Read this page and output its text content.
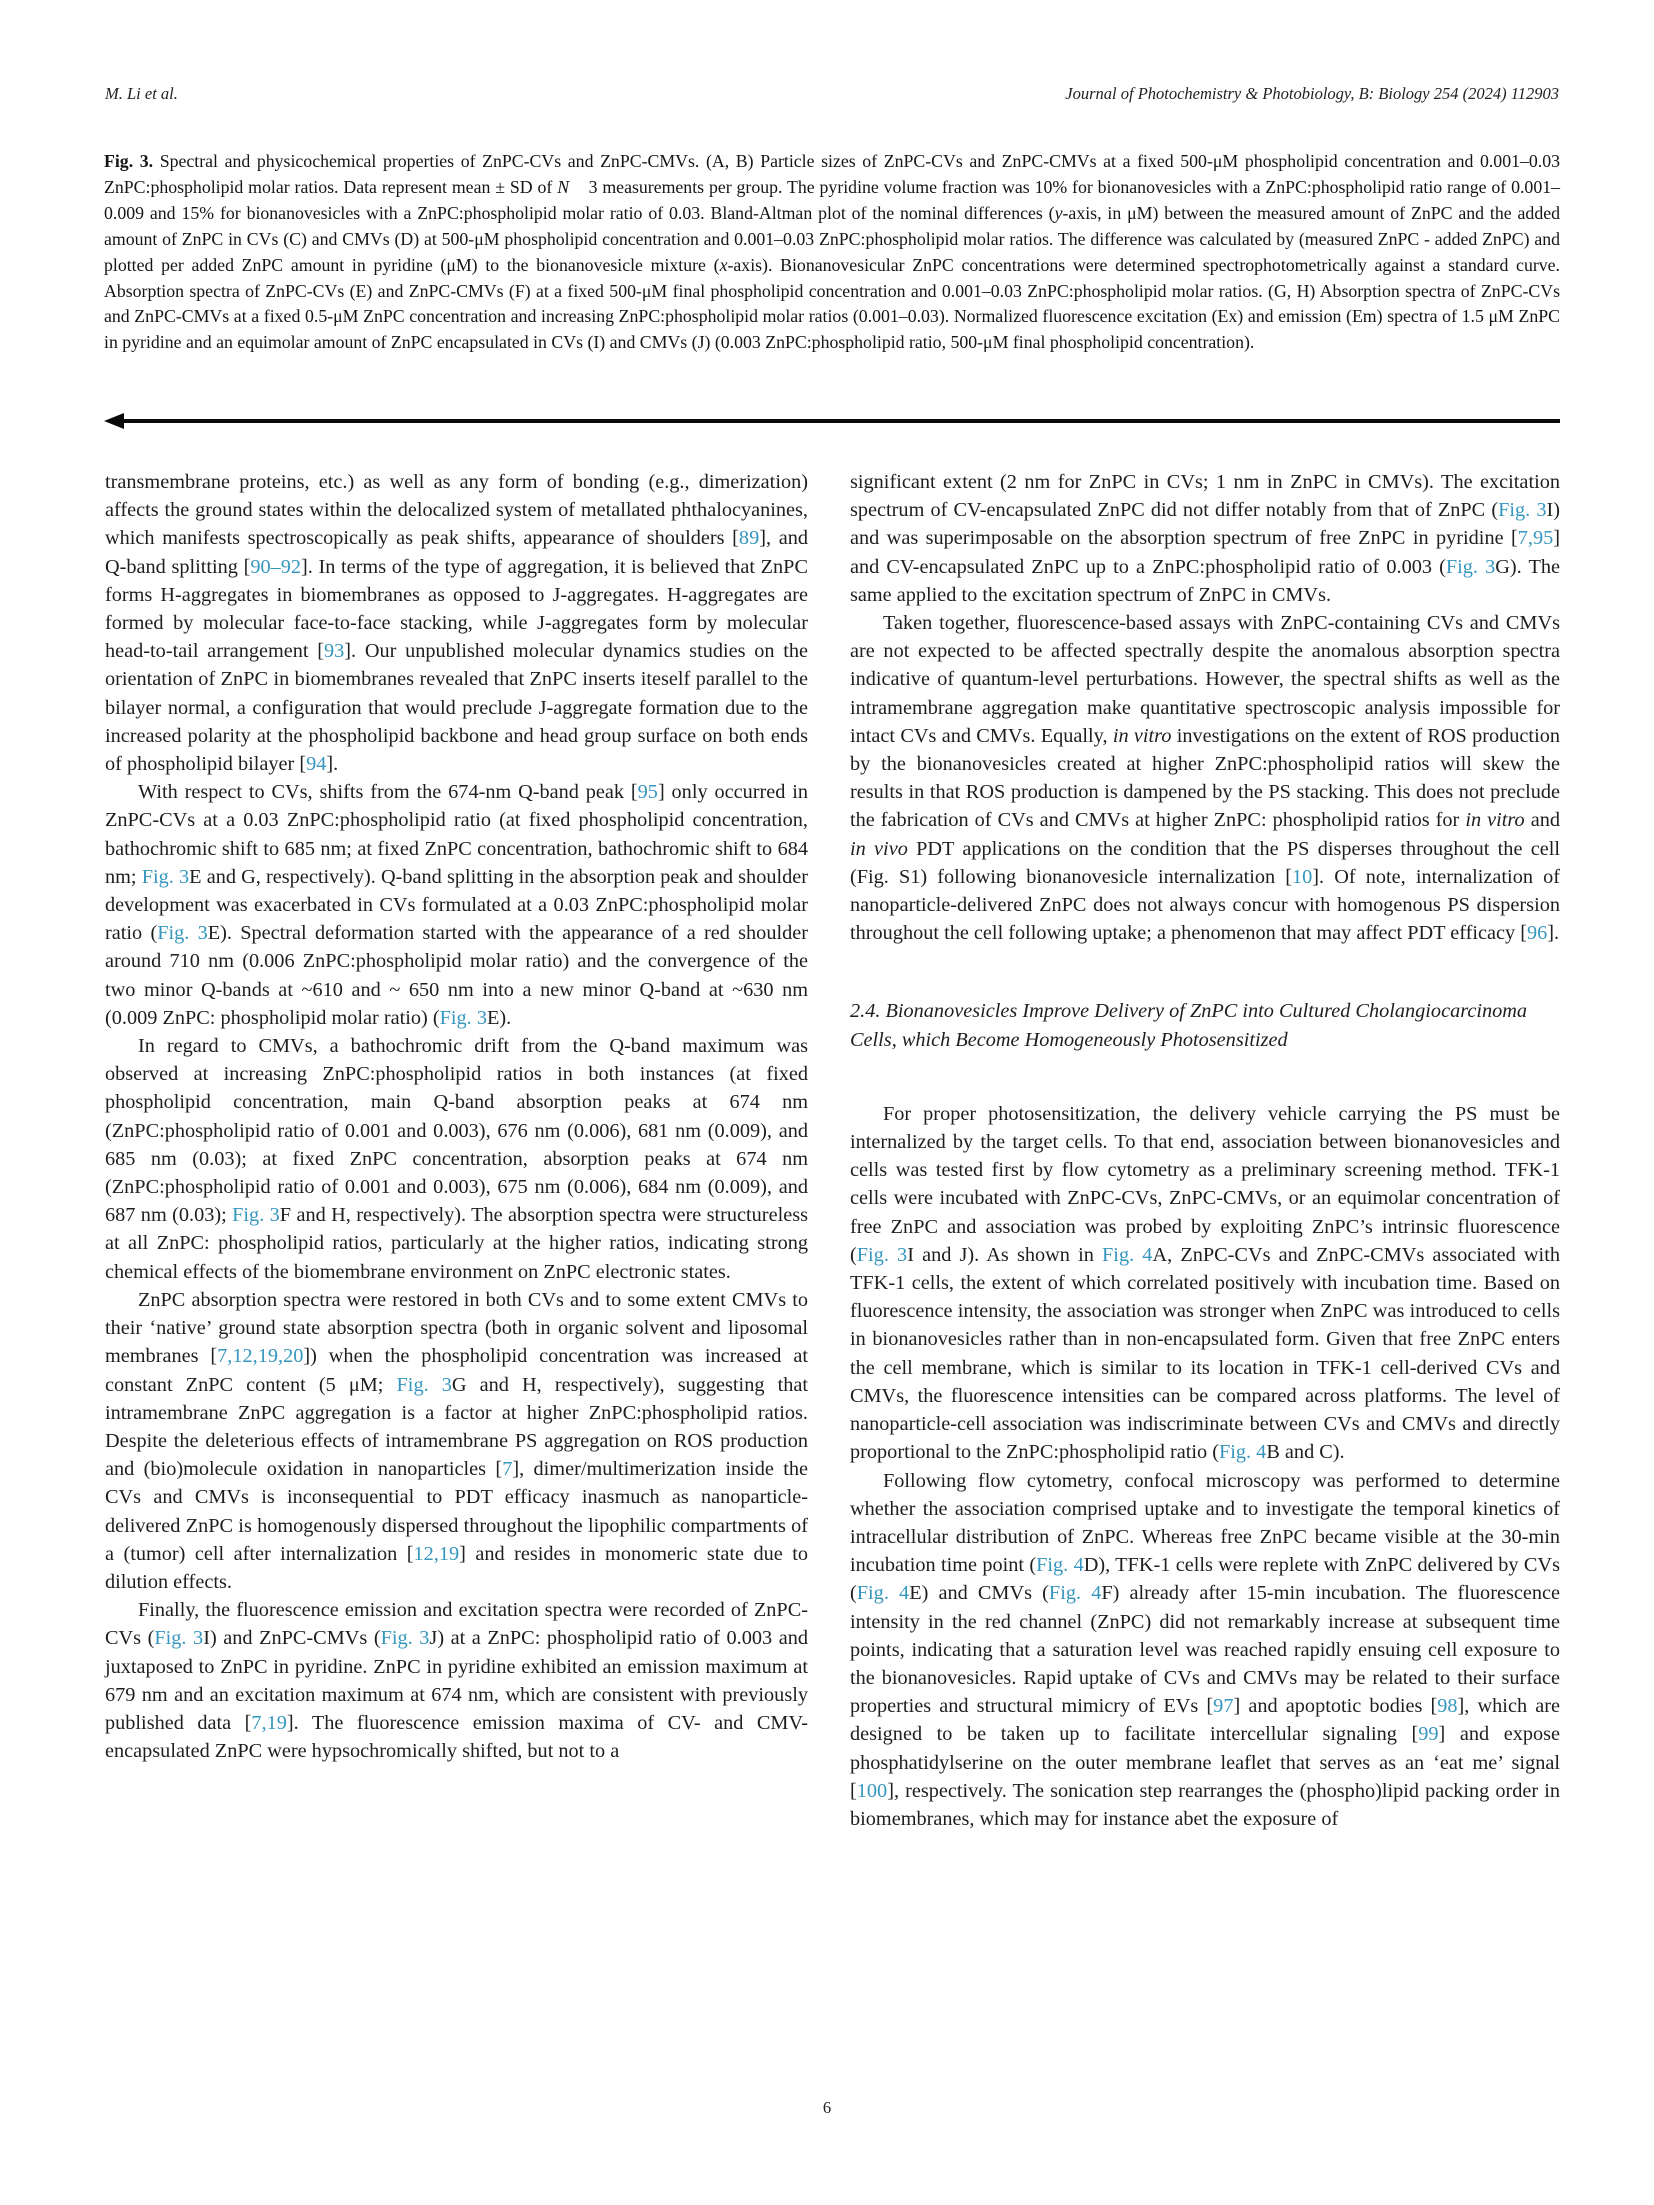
M. Li et al.	Journal of Photochemistry & Photobiology, B: Biology 254 (2024) 112903
Fig. 3. Spectral and physicochemical properties of ZnPC-CVs and ZnPC-CMVs. (A, B) Particle sizes of ZnPC-CVs and ZnPC-CMVs at a fixed 500-μM phospholipid concentration and 0.001–0.03 ZnPC:phospholipid molar ratios. Data represent mean ± SD of N    3 measurements per group. The pyridine volume fraction was 10% for bionanovesicles with a ZnPC:phospholipid ratio range of 0.001–0.009 and 15% for bionanovesicles with a ZnPC:phospholipid molar ratio of 0.03. Bland-Altman plot of the nominal differences (y-axis, in μM) between the measured amount of ZnPC and the added amount of ZnPC in CVs (C) and CMVs (D) at 500-μM phospholipid concentration and 0.001–0.03 ZnPC:phospholipid molar ratios. The difference was calculated by (measured ZnPC - added ZnPC) and plotted per added ZnPC amount in pyridine (μM) to the bionanovesicle mixture (x-axis). Bionanovesicular ZnPC concentrations were determined spectrophotometrically against a standard curve. Absorption spectra of ZnPC-CVs (E) and ZnPC-CMVs (F) at a fixed 500-μM final phospholipid concentration and 0.001–0.03 ZnPC:phospholipid molar ratios. (G, H) Absorption spectra of ZnPC-CVs and ZnPC-CMVs at a fixed 0.5-μM ZnPC concentration and increasing ZnPC:phospholipid molar ratios (0.001–0.03). Normalized fluorescence excitation (Ex) and emission (Em) spectra of 1.5 μM ZnPC in pyridine and an equimolar amount of ZnPC encapsulated in CVs (I) and CMVs (J) (0.003 ZnPC:phospholipid ratio, 500-μM final phospholipid concentration).

transmembrane proteins, etc.) as well as any form of bonding (e.g., dimerization) affects the ground states within the delocalized system of metallated phthalocyanines, which manifests spectroscopically as peak shifts, appearance of shoulders [89], and Q-band splitting [90–92]. In terms of the type of aggregation, it is believed that ZnPC forms H-aggregates in biomembranes as opposed to J-aggregates. H-aggregates are formed by molecular face-to-face stacking, while J-aggregates form by molecular head-to-tail arrangement [93]. Our unpublished molecular dynamics studies on the orientation of ZnPC in biomembranes revealed that ZnPC inserts iteself parallel to the bilayer normal, a configuration that would preclude J-aggregate formation due to the increased polarity at the phospholipid backbone and head group surface on both ends of phospholipid bilayer [94].

With respect to CVs, shifts from the 674-nm Q-band peak [95] only occurred in ZnPC-CVs at a 0.03 ZnPC:phospholipid ratio (at fixed phospholipid concentration, bathochromic shift to 685 nm; at fixed ZnPC concentration, bathochromic shift to 684 nm; Fig. 3E and G, respectively). Q-band splitting in the absorption peak and shoulder development was exacerbated in CVs formulated at a 0.03 ZnPC:phospholipid molar ratio (Fig. 3E). Spectral deformation started with the appearance of a red shoulder around 710 nm (0.006 ZnPC:phospholipid molar ratio) and the convergence of the two minor Q-bands at ~610 and ~ 650 nm into a new minor Q-band at ~630 nm (0.009 ZnPC: phospholipid molar ratio) (Fig. 3E).

In regard to CMVs, a bathochromic drift from the Q-band maximum was observed at increasing ZnPC:phospholipid ratios in both instances (at fixed phospholipid concentration, main Q-band absorption peaks at 674 nm (ZnPC:phospholipid ratio of 0.001 and 0.003), 676 nm (0.006), 681 nm (0.009), and 685 nm (0.03); at fixed ZnPC concentration, absorption peaks at 674 nm (ZnPC:phospholipid ratio of 0.001 and 0.003), 675 nm (0.006), 684 nm (0.009), and 687 nm (0.03); Fig. 3F and H, respectively). The absorption spectra were structureless at all ZnPC: phospholipid ratios, particularly at the higher ratios, indicating strong chemical effects of the biomembrane environment on ZnPC electronic states.

ZnPC absorption spectra were restored in both CVs and to some extent CMVs to their ‘native’ ground state absorption spectra (both in organic solvent and liposomal membranes [7,12,19,20]) when the phospholipid concentration was increased at constant ZnPC content (5 μM; Fig. 3G and H, respectively), suggesting that intramembrane ZnPC aggregation is a factor at higher ZnPC:phospholipid ratios. Despite the deleterious effects of intramembrane PS aggregation on ROS production and (bio)molecule oxidation in nanoparticles [7], dimer/multimerization inside the CVs and CMVs is inconsequential to PDT efficacy inasmuch as nanoparticle-delivered ZnPC is homogenously dispersed throughout the lipophilic compartments of a (tumor) cell after internalization [12,19] and resides in monomeric state due to dilution effects.

Finally, the fluorescence emission and excitation spectra were recorded of ZnPC-CVs (Fig. 3I) and ZnPC-CMVs (Fig. 3J) at a ZnPC: phospholipid ratio of 0.003 and juxtaposed to ZnPC in pyridine. ZnPC in pyridine exhibited an emission maximum at 679 nm and an excitation maximum at 674 nm, which are consistent with previously published data [7,19]. The fluorescence emission maxima of CV- and CMV-encapsulated ZnPC were hypsochromically shifted, but not to a

significant extent (2 nm for ZnPC in CVs; 1 nm in ZnPC in CMVs). The excitation spectrum of CV-encapsulated ZnPC did not differ notably from that of ZnPC (Fig. 3I) and was superimposable on the absorption spectrum of free ZnPC in pyridine [7,95] and CV-encapsulated ZnPC up to a ZnPC:phospholipid ratio of 0.003 (Fig. 3G). The same applied to the excitation spectrum of ZnPC in CMVs.

Taken together, fluorescence-based assays with ZnPC-containing CVs and CMVs are not expected to be affected spectrally despite the anomalous absorption spectra indicative of quantum-level perturbations. However, the spectral shifts as well as the intramembrane aggregation make quantitative spectroscopic analysis impossible for intact CVs and CMVs. Equally, in vitro investigations on the extent of ROS production by the bionanovesicles created at higher ZnPC:phospholipid ratios will skew the results in that ROS production is dampened by the PS stacking. This does not preclude the fabrication of CVs and CMVs at higher ZnPC: phospholipid ratios for in vitro and in vivo PDT applications on the condition that the PS disperses throughout the cell (Fig. S1) following bionanovesicle internalization [10]. Of note, internalization of nanoparticle-delivered ZnPC does not always concur with homogenous PS dispersion throughout the cell following uptake; a phenomenon that may affect PDT efficacy [96].

2.4. Bionanovesicles Improve Delivery of ZnPC into Cultured Cholangiocarcinoma Cells, which Become Homogeneously Photosensitized

For proper photosensitization, the delivery vehicle carrying the PS must be internalized by the target cells. To that end, association between bionanovesicles and cells was tested first by flow cytometry as a preliminary screening method. TFK-1 cells were incubated with ZnPC-CVs, ZnPC-CMVs, or an equimolar concentration of free ZnPC and association was probed by exploiting ZnPC’s intrinsic fluorescence (Fig. 3I and J). As shown in Fig. 4A, ZnPC-CVs and ZnPC-CMVs associated with TFK-1 cells, the extent of which correlated positively with incubation time. Based on fluorescence intensity, the association was stronger when ZnPC was introduced to cells in bionanovesicles rather than in non-encapsulated form. Given that free ZnPC enters the cell membrane, which is similar to its location in TFK-1 cell-derived CVs and CMVs, the fluorescence intensities can be compared across platforms. The level of nanoparticle-cell association was indiscriminate between CVs and CMVs and directly proportional to the ZnPC:phospholipid ratio (Fig. 4B and C).

Following flow cytometry, confocal microscopy was performed to determine whether the association comprised uptake and to investigate the temporal kinetics of intracellular distribution of ZnPC. Whereas free ZnPC became visible at the 30-min incubation time point (Fig. 4D), TFK-1 cells were replete with ZnPC delivered by CVs (Fig. 4E) and CMVs (Fig. 4F) already after 15-min incubation. The fluorescence intensity in the red channel (ZnPC) did not remarkably increase at subsequent time points, indicating that a saturation level was reached rapidly ensuing cell exposure to the bionanovesicles. Rapid uptake of CVs and CMVs may be related to their surface properties and structural mimicry of EVs [97] and apoptotic bodies [98], which are designed to be taken up to facilitate intercellular signaling [99] and expose phosphatidylserine on the outer membrane leaflet that serves as an ‘eat me’ signal [100], respectively. The sonication step rearranges the (phospho)lipid packing order in biomembranes, which may for instance abet the exposure of

6
